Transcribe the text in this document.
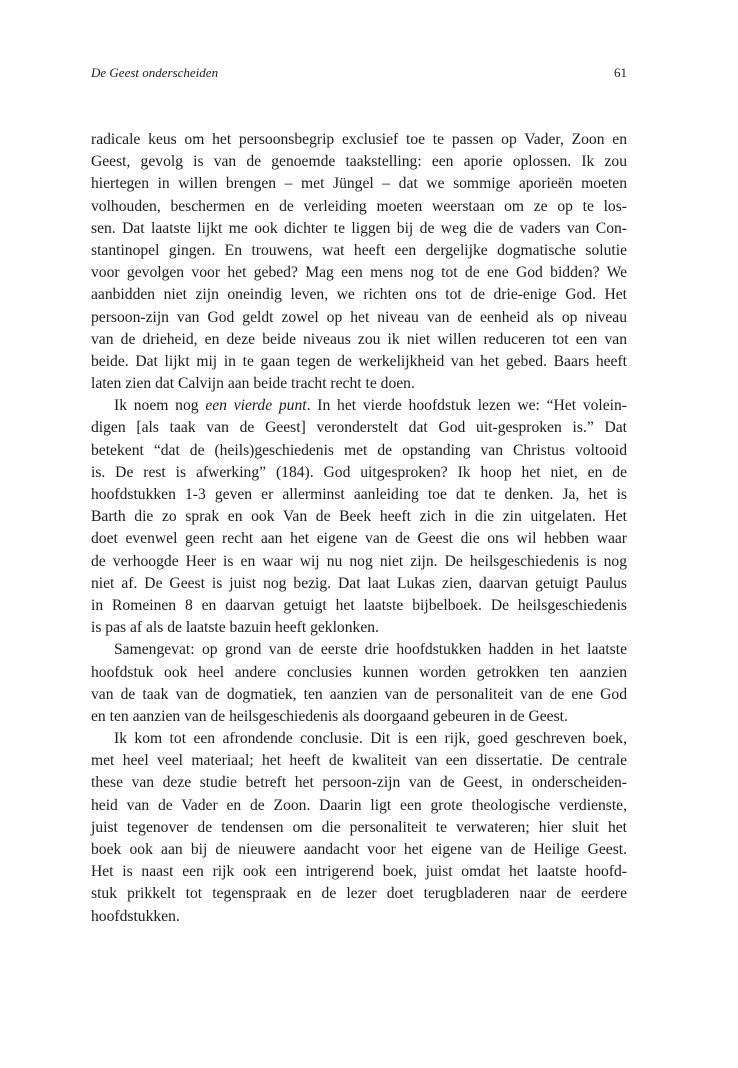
De Geest onderscheiden	61
radicale keus om het persoonsbegrip exclusief toe te passen op Vader, Zoon en
Geest, gevolg is van de genoemde taakstelling: een aporie oplossen. Ik zou
hiertegen in willen brengen – met Jüngel – dat we sommige aporieën moeten
volhouden, beschermen en de verleiding moeten weerstaan om ze op te los-
sen. Dat laatste lijkt me ook dichter te liggen bij de weg die de vaders van Con-
stantinopel gingen. En trouwens, wat heeft een dergelijke dogmatische solutie
voor gevolgen voor het gebed? Mag een mens nog tot de ene God bidden? We
aanbidden niet zijn oneindig leven, we richten ons tot de drie-enige God. Het
persoon-zijn van God geldt zowel op het niveau van de eenheid als op niveau
van de drieheid, en deze beide niveaus zou ik niet willen reduceren tot een van
beide. Dat lijkt mij in te gaan tegen de werkelijkheid van het gebed. Baars heeft
laten zien dat Calvijn aan beide tracht recht te doen.
Ik noem nog een vierde punt. In het vierde hoofdstuk lezen we: “Het volein-
digen [als taak van de Geest] veronderstelt dat God uit-gesproken is.” Dat
betekent “dat de (heils)geschiedenis met de opstanding van Christus voltooid
is. De rest is afwerking” (184). God uitgesproken? Ik hoop het niet, en de
hoofdstukken 1-3 geven er allerminst aanleiding toe dat te denken. Ja, het is
Barth die zo sprak en ook Van de Beek heeft zich in die zin uitgelaten. Het
doet evenwel geen recht aan het eigene van de Geest die ons wil hebben waar
de verhoogde Heer is en waar wij nu nog niet zijn. De heilsgeschiedenis is nog
niet af. De Geest is juist nog bezig. Dat laat Lukas zien, daarvan getuigt Paulus
in Romeinen 8 en daarvan getuigt het laatste bijbelboek. De heilsgeschiedenis
is pas af als de laatste bazuin heeft geklonken.
Samengevat: op grond van de eerste drie hoofdstukken hadden in het laatste
hoofdstuk ook heel andere conclusies kunnen worden getrokken ten aanzien
van de taak van de dogmatiek, ten aanzien van de personaliteit van de ene God
en ten aanzien van de heilsgeschiedenis als doorgaand gebeuren in de Geest.
Ik kom tot een afrondende conclusie. Dit is een rijk, goed geschreven boek,
met heel veel materiaal; het heeft de kwaliteit van een dissertatie. De centrale
these van deze studie betreft het persoon-zijn van de Geest, in onderscheiden-
heid van de Vader en de Zoon. Daarin ligt een grote theologische verdienste,
juist tegenover de tendensen om die personaliteit te verwateren; hier sluit het
boek ook aan bij de nieuwere aandacht voor het eigene van de Heilige Geest.
Het is naast een rijk ook een intrigerend boek, juist omdat het laatste hoofd-
stuk prikkelt tot tegenspraak en de lezer doet terugbladeren naar de eerdere
hoofdstukken.
